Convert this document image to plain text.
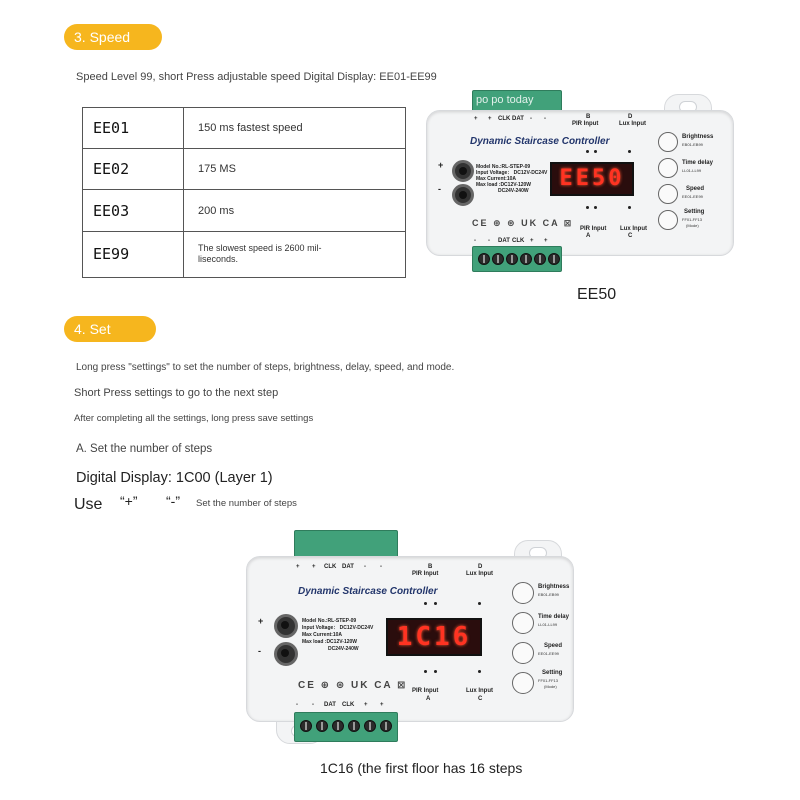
3. Speed
Speed Level 99, short Press adjustable speed Digital Display: EE01-EE99
EE01	150 ms fastest speed
EE02	175 MS
EE03	200 ms
EE99	The slowest speed is 2600 mil-liseconds.
po po today
+ + CLK DAT - -	B
PIR Input
D
Lux Input
Dynamic Staircase Controller
+
-
Model No.:RL-STEP-09
Input Voltage： DC12V-DC24V
Max Current:10A
Max load :DC12V-120W
DC24V-240W	EE50
CE ⊕ ⊛ UK CA ⊠
PIR Input
A
Lux Input
C
- - DAT CLK + +
Brightness
EB01-EB99
Time delay
LL01-LL99
Speed
EE01-EE99
Setting
FF01-FF13
(Mode)
EE50
4. Set
Long press "settings" to set the number of steps, brightness, delay, speed, and mode.
Short Press settings to go to the next step
After completing all the settings, long press save settings
A. Set the number of steps
Digital Display: 1C00 (Layer 1)
Use “+” “-” Set the number of steps
+ + CLK DAT - -	B
PIR Input
D
Lux Input
Dynamic Staircase Controller
+
-
Model No.:RL-STEP-09
Input Voltage： DC12V-DC24V
Max Current:10A
Max load :DC12V-120W
DC24V-240W	1C16
CE ⊕ ⊛ UK CA ⊠ PIR Input
A
Lux Input
C
- - DAT CLK + +
Brightness
EB01-EB99
Time delay
LL01-LL99
Speed
EE01-EE99
Setting
FF01-FF13
(Mode)
1C16 (the first floor has 16 steps
